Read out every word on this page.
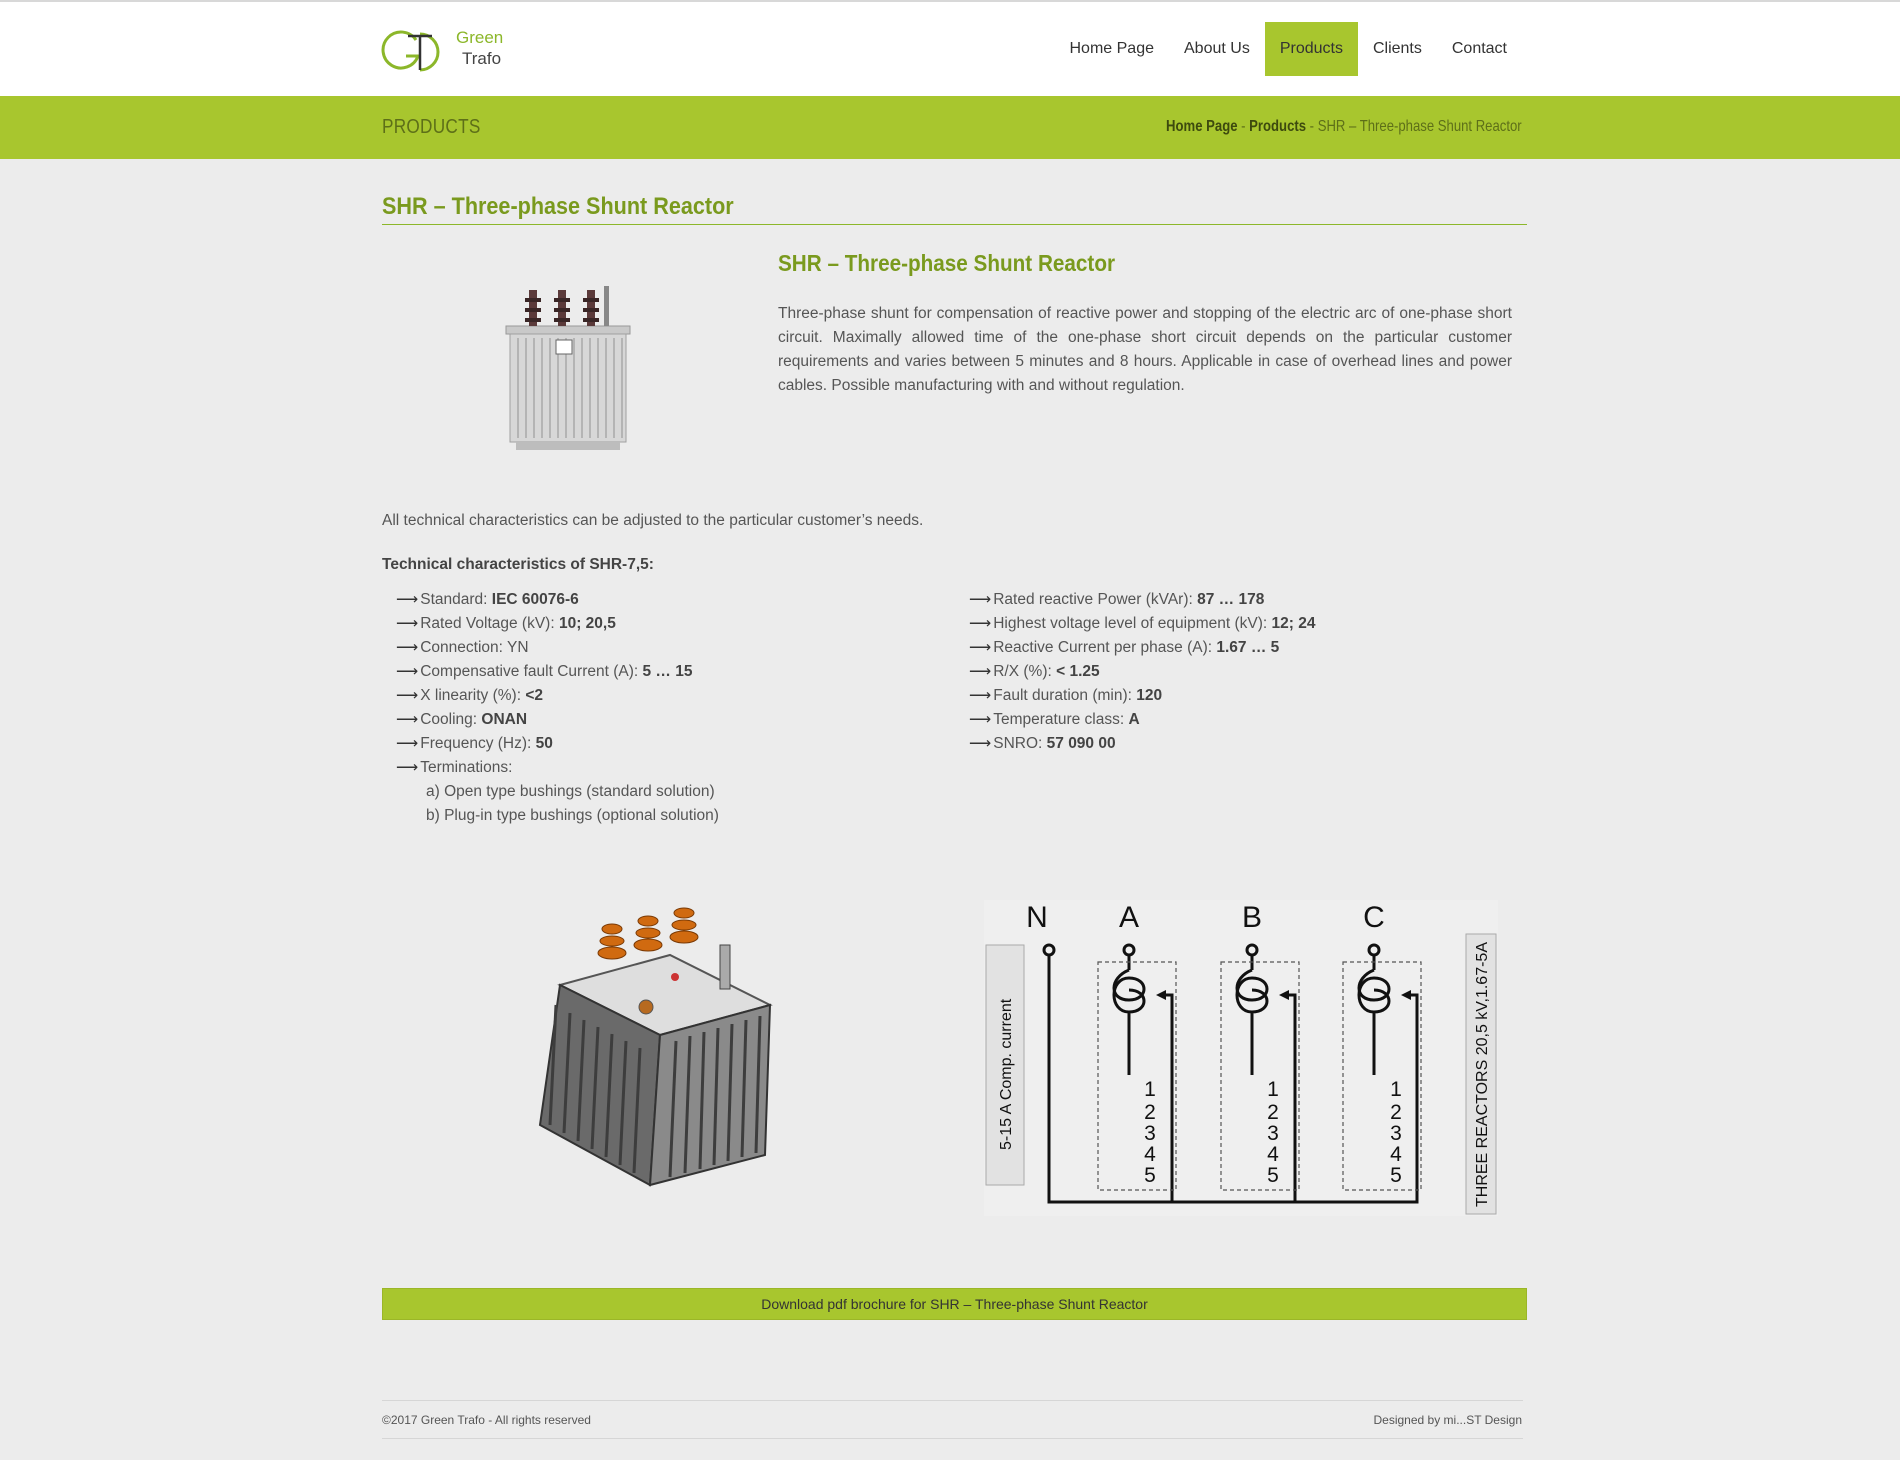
Green
Trafo
Home Page	About Us	Products	Clients	Contact
PRODUCTS	Home Page - Products - SHR – Three-phase Shunt Reactor
SHR – Three-phase Shunt Reactor
SHR – Three-phase Shunt Reactor

Three-phase shunt for compensation of reactive power and stopping of the electric arc of one-phase short circuit. Maximally allowed time of the one-phase short circuit depends on the particular customer requirements and varies between 5 minutes and 8 hours. Applicable in case of overhead lines and power cables. Possible manufacturing with and without regulation.

All technical characteristics can be adjusted to the particular customer’s needs.

Technical characteristics of SHR-7,5:

⟶ Standard: IEC 60076-6
⟶ Rated Voltage (kV): 10; 20,5
⟶ Connection: YN
⟶ Compensative fault Current (A): 5 … 15
⟶ X linearity (%): <2
⟶ Cooling: ONAN
⟶ Frequency (Hz): 50
⟶ Terminations:
a) Open type bushings (standard solution)
b) Plug-in type bushings (optional solution)
⟶ Rated reactive Power (kVAr): 87 … 178
⟶ Highest voltage level of equipment (kV): 12; 24
⟶ Reactive Current per phase (A): 1.67 … 5
⟶ R/X (%): < 1.25
⟶ Fault duration (min): 120
⟶ Temperature class: A
⟶ SNRO: 57 090 00
N A	B	C
5-15 A Comp. current	THREE REACTORS 20,5 kV,1.67-5A
1
2
3
4
5
1
2
3
4
5
1
2
3
4
5
Download pdf brochure for SHR – Three-phase Shunt Reactor
©2017 Green Trafo - All rights reserved	Designed by mi...ST Design
